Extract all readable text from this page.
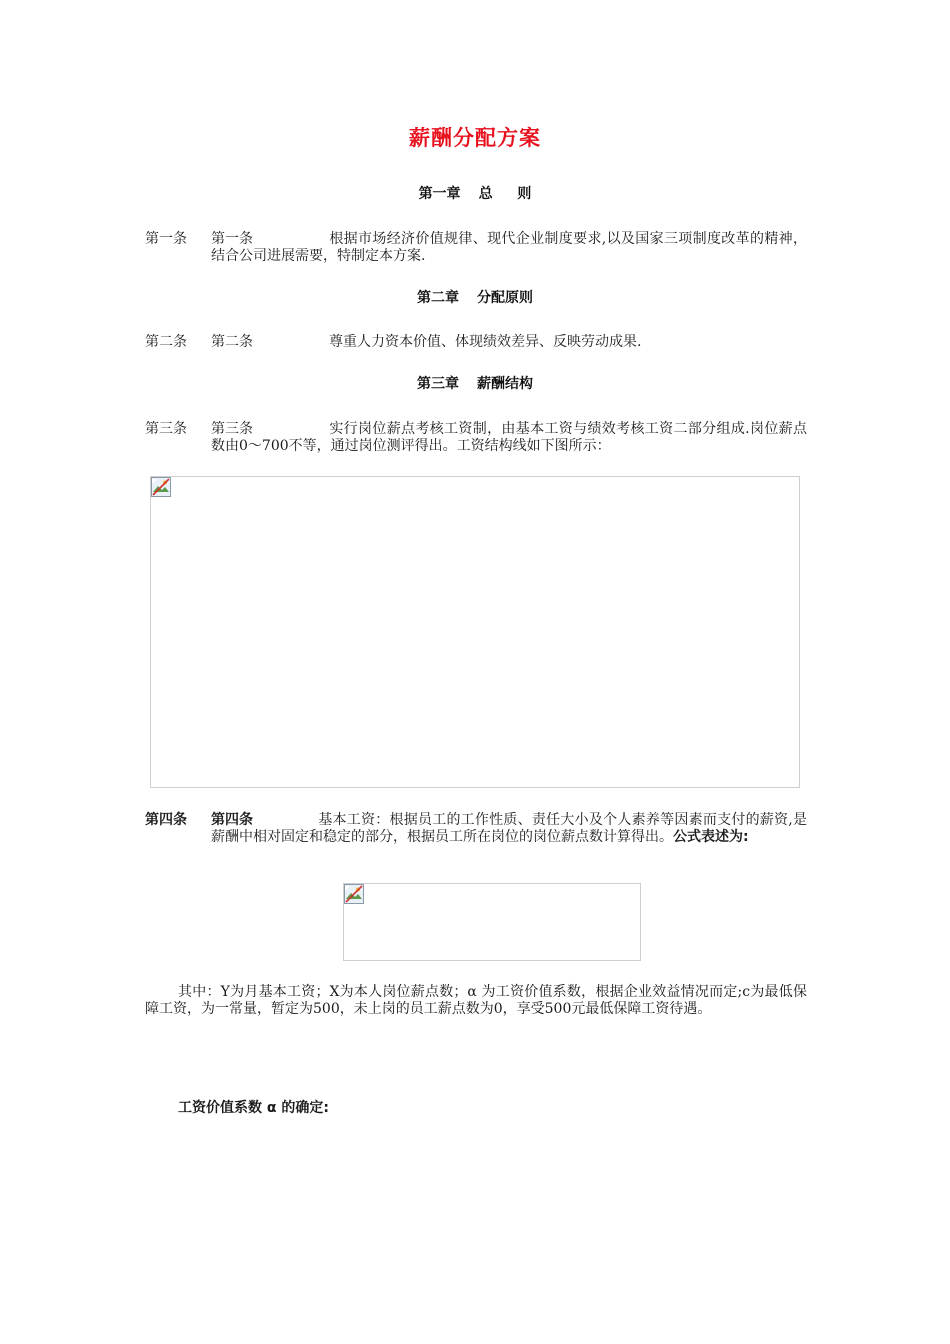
薪酬分配方案
第一章 总 则
第一条 第一条	根据市场经济价值规律、现代企业制度要求,以及国家三项制度改革的精神，结合公司进展需要，特制定本方案.
第二章 分配原则
第二条 第二条	尊重人力资本价值、体现绩效差异、反映劳动成果.
第三章 薪酬结构
第三条 第三条	实行岗位薪点考核工资制，由基本工资与绩效考核工资二部分组成.岗位薪点数由0～700不等，通过岗位测评得出。工资结构线如下图所示：
第四条 第四条	基本工资：根据员工的工作性质、责任大小及个人素养等因素而支付的薪资,是薪酬中相对固定和稳定的部分，根据员工所在岗位的岗位薪点数计算得出。公式表述为:
其中：Y为月基本工资；X为本人岗位薪点数；α 为工资价值系数，根据企业效益情况而定;c为最低保障工资，为一常量，暂定为500，未上岗的员工薪点数为0，享受500元最低保障工资待遇。
工资价值系数 α 的确定:
